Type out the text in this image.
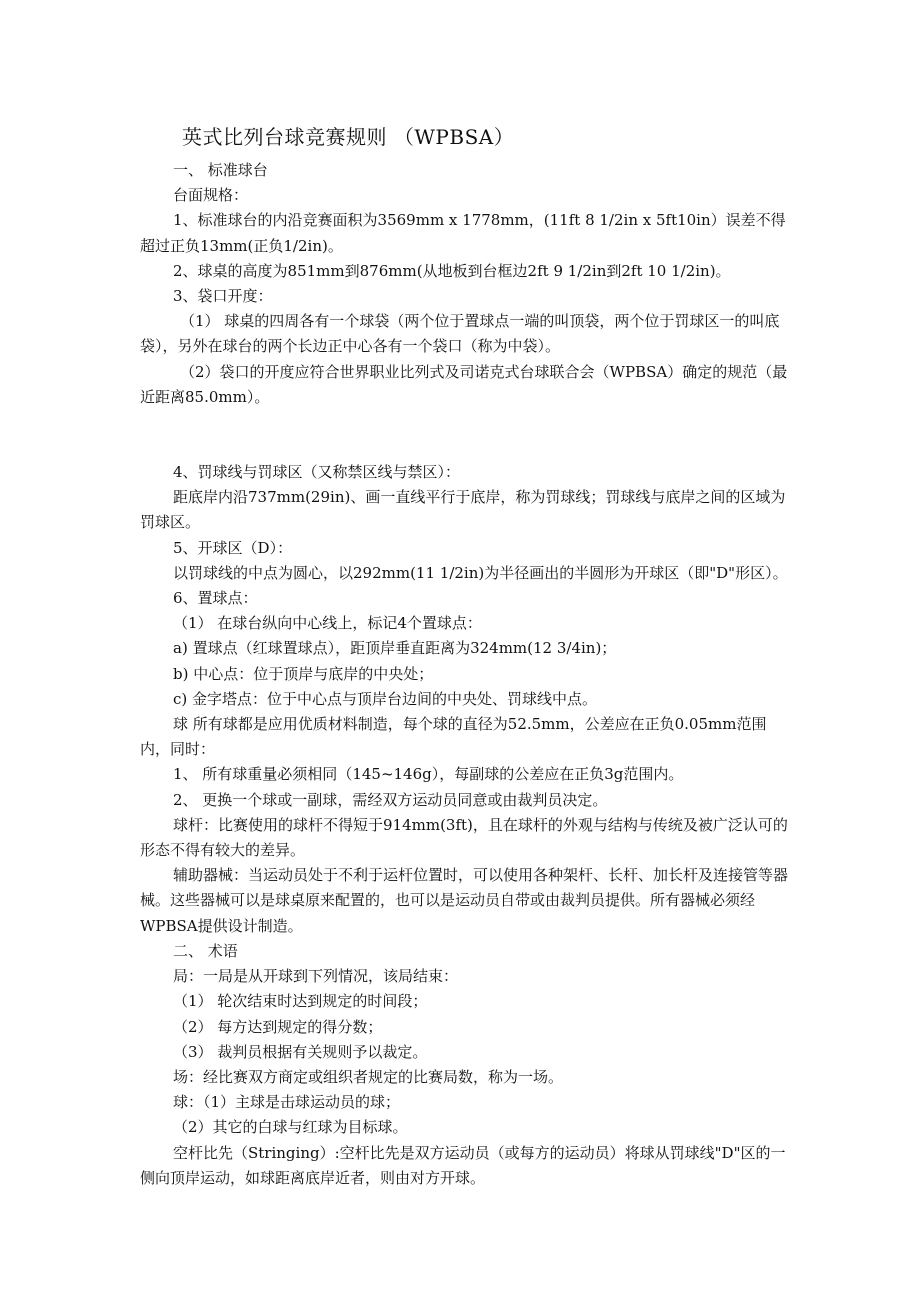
英式比列台球竞赛规则 （WPBSA）

一、 标准球台

台面规格：

1、标准球台的内沿竞赛面积为3569mm x 1778mm，(11ft 8 1/2in x 5ft10in）误差不得超过正负13mm(正负1/2in)。

2、球桌的高度为851mm到876mm(从地板到台框边2ft 9 1/2in到2ft 10 1/2in)。

3、袋口开度：

（1） 球桌的四周各有一个球袋（两个位于置球点一端的叫顶袋，两个位于罚球区一的叫底袋），另外在球台的两个长边正中心各有一个袋口（称为中袋）。

（2）袋口的开度应符合世界职业比列式及司诺克式台球联合会（WPBSA）确定的规范（最近距离85.0mm）。

4、罚球线与罚球区（又称禁区线与禁区）：

距底岸内沿737mm(29in)、画一直线平行于底岸，称为罚球线；罚球线与底岸之间的区域为罚球区。

5、开球区（D）：

以罚球线的中点为圆心，以292mm(11 1/2in)为半径画出的半圆形为开球区（即"D"形区）。

6、置球点：

（1） 在球台纵向中心线上，标记4个置球点：

a) 置球点（红球置球点），距顶岸垂直距离为324mm(12 3/4in)；

b) 中心点：位于顶岸与底岸的中央处；

c) 金字塔点：位于中心点与顶岸台边间的中央处、罚球线中点。

球 所有球都是应用优质材料制造，每个球的直径为52.5mm，公差应在正负0.05mm范围内，同时：

1、 所有球重量必须相同（145~146g），每副球的公差应在正负3g范围内。

2、 更换一个球或一副球，需经双方运动员同意或由裁判员决定。

球杆：比赛使用的球杆不得短于914mm(3ft)，且在球杆的外观与结构与传统及被广泛认可的形态不得有较大的差异。

辅助器械：当运动员处于不利于运杆位置时，可以使用各种架杆、长杆、加长杆及连接管等器械。这些器械可以是球桌原来配置的，也可以是运动员自带或由裁判员提供。所有器械必须经WPBSA提供设计制造。

二、 术语

局：一局是从开球到下列情况，该局结束：

（1） 轮次结束时达到规定的时间段；

（2） 每方达到规定的得分数；

（3） 裁判员根据有关规则予以裁定。

场：经比赛双方商定或组织者规定的比赛局数，称为一场。

球：（1）主球是击球运动员的球；

（2）其它的白球与红球为目标球。

空杆比先（Stringing）:空杆比先是双方运动员（或每方的运动员）将球从罚球线"D"区的一侧向顶岸运动，如球距离底岸近者，则由对方开球。
